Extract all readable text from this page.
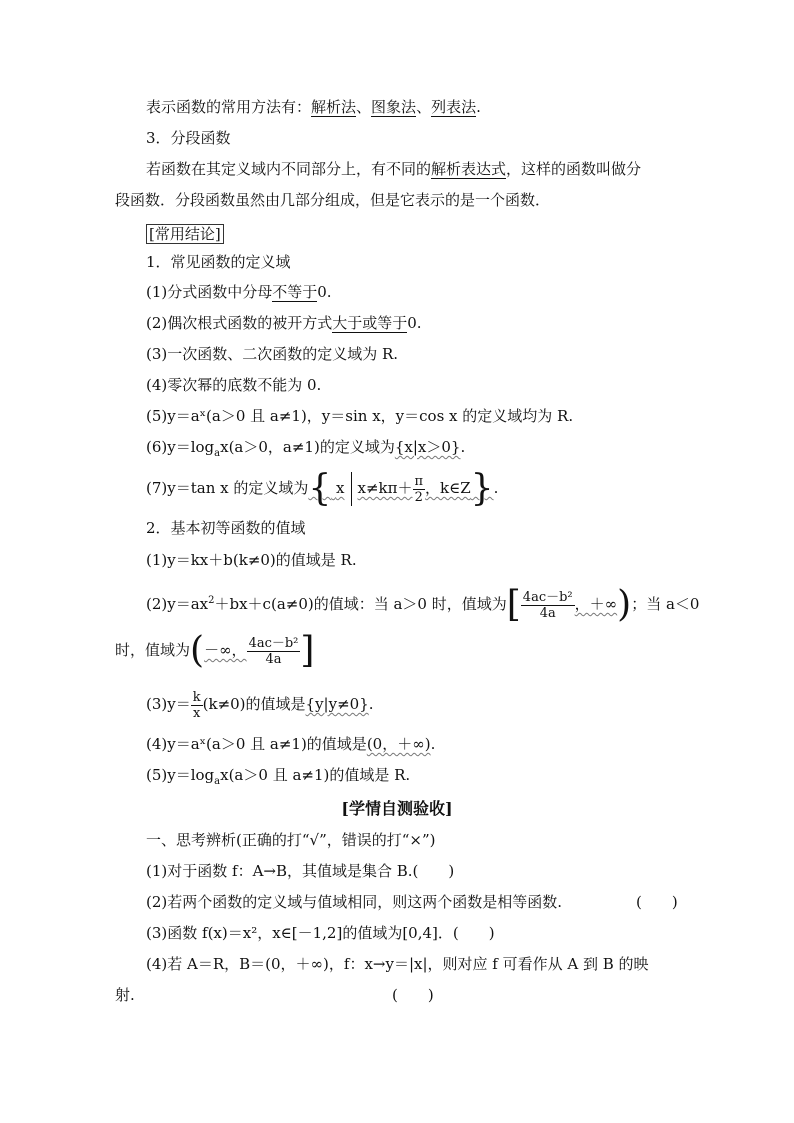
表示函数的常用方法有：解析法、图象法、列表法.
3．分段函数
若函数在其定义域内不同部分上，有不同的解析表达式，这样的函数叫做分
段函数．分段函数虽然由几部分组成，但是它表示的是一个函数．
[常用结论]
1．常见函数的定义域
(1)分式函数中分母不等于0.
(2)偶次根式函数的被开方式大于或等于0.
(3)一次函数、二次函数的定义域为 R.
(4)零次幂的底数不能为 0.
(5)y＝aˣ(a＞0 且 a≠1)，y＝sin x，y＝cos x 的定义域均为 R.
$(6)y=\log_ax(a>0$，a≠1)的定义域为{x|x＞0}.
(7)y＝tan x 的定义域为{ x $x\ne k\pi+ \frac{\pi}{2}$ ，k∈Z}.
2．基本初等函数的值域
(1)y＝kx＋b(k≠0)的值域是 R.
$(2)y=ax^2+bx+c(a\ne 0)$的值域：当 a＞0 时，值域为[ $\frac{\text{4ac－b²}}{4a}$ ，＋∞)；当 a＜0
时，值域为(－∞， $\frac{\text{4ac－b²}}{4a}$ ]
$(3)y= \frac{k}{x} (k\ne 0)$的值域是{y|y≠0}.
(4)y＝aˣ(a＞0 且 a≠1)的值域是(0，＋∞).
$(5)y=\log_ax(a>0$ 且 a≠1)的值域是 R.
[学情自测验收]
一、思考辨析(正确的打“√”，错误的打“×”)
(1)对于函数 f：A→B，其值域是集合 B.(　　)
(2)若两个函数的定义域与值域相同，则这两个函数是相等函数.	(　　)
(3)函数 f(x)＝x²，x∈[－1,2]的值域为[0,4]．(　　)
(4)若 A＝R，B＝(0，＋∞)，f：x→y＝|x|，则对应 f 可看作从 A 到 B 的映
射.	(　　)
